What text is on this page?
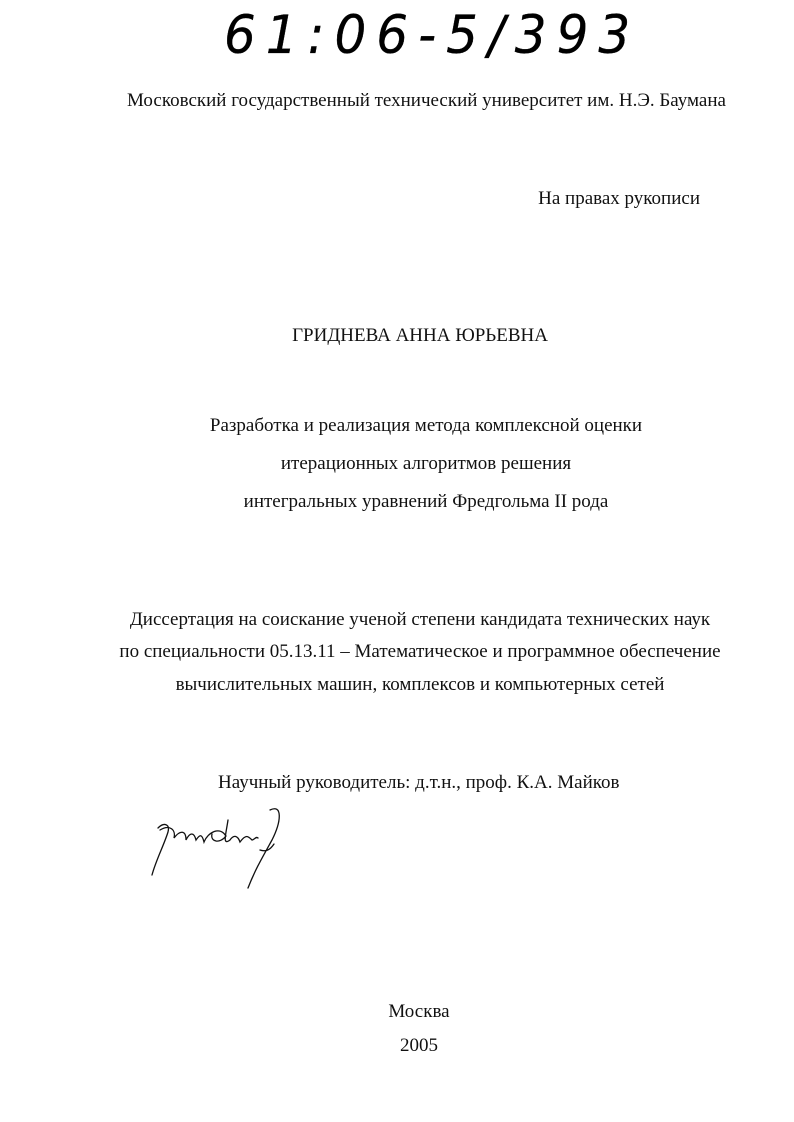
61:06-5/393
Московский государственный технический университет им. Н.Э. Баумана
На правах рукописи
ГРИДНЕВА АННА ЮРЬЕВНА
Разработка и реализация метода комплексной оценки
итерационных алгоритмов решения
интегральных уравнений Фредгольма II рода
Диссертация на соискание ученой степени кандидата технических наук
по специальности 05.13.11 – Математическое и программное обеспечение
вычислительных машин, комплексов и компьютерных сетей
Научный руководитель: д.т.н., проф. К.А. Майков
Москва
2005
